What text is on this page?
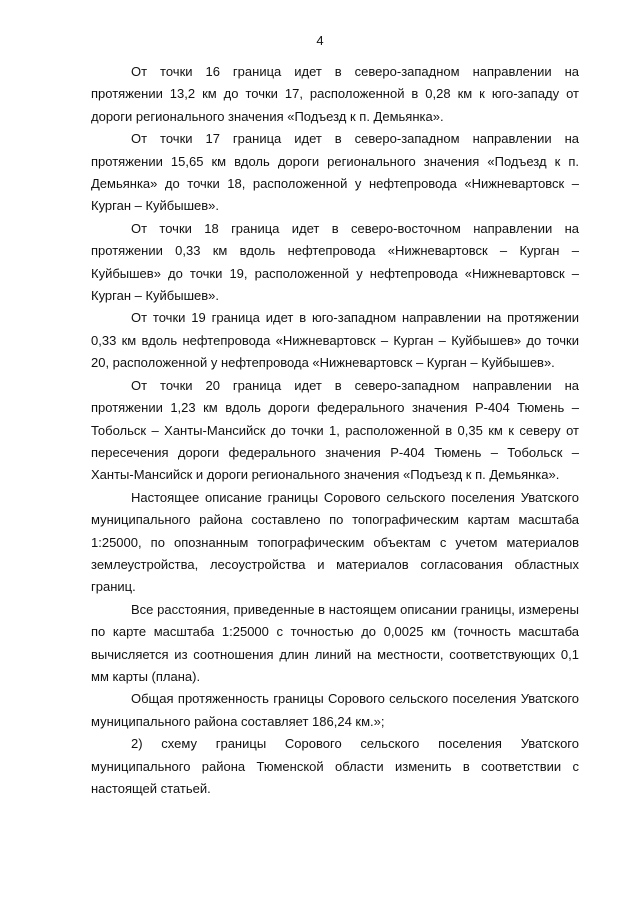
4

От точки 16 граница идет в северо-западном направлении на протяжении 13,2 км до точки 17, расположенной в 0,28 км к юго-западу от дороги регионального значения «Подъезд к п. Демьянка».

От точки 17 граница идет в северо-западном направлении на протяжении 15,65 км вдоль дороги регионального значения «Подъезд к п. Демьянка» до точки 18, расположенной у нефтепровода «Нижневартовск – Курган – Куйбышев».

От точки 18 граница идет в северо-восточном направлении на протяжении 0,33 км вдоль нефтепровода «Нижневартовск – Курган – Куйбышев» до точки 19, расположенной у нефтепровода «Нижневартовск – Курган – Куйбышев».

От точки 19 граница идет в юго-западном направлении на протяжении 0,33 км вдоль нефтепровода «Нижневартовск – Курган – Куйбышев» до точки 20, расположенной у нефтепровода «Нижневартовск – Курган – Куйбышев».

От точки 20 граница идет в северо-западном направлении на протяжении 1,23 км вдоль дороги федерального значения Р-404 Тюмень – Тобольск – Ханты-Мансийск до точки 1, расположенной в 0,35 км к северу от пересечения дороги федерального значения Р-404 Тюмень – Тобольск – Ханты-Мансийск и дороги регионального значения «Подъезд к п. Демьянка».

Настоящее описание границы Сорового сельского поселения Уватского муниципального района составлено по топографическим картам масштаба 1:25000, по опознанным топографическим объектам с учетом материалов землеустройства, лесоустройства и материалов согласования областных границ.

Все расстояния, приведенные в настоящем описании границы, измерены по карте масштаба 1:25000 с точностью до 0,0025 км (точность масштаба вычисляется из соотношения длин линий на местности, соответствующих 0,1 мм карты (плана).

Общая протяженность границы Сорового сельского поселения Уватского муниципального района составляет 186,24 км.»;

2) схему границы Сорового сельского поселения Уватского муниципального района Тюменской области изменить в соответствии с настоящей статьей.
